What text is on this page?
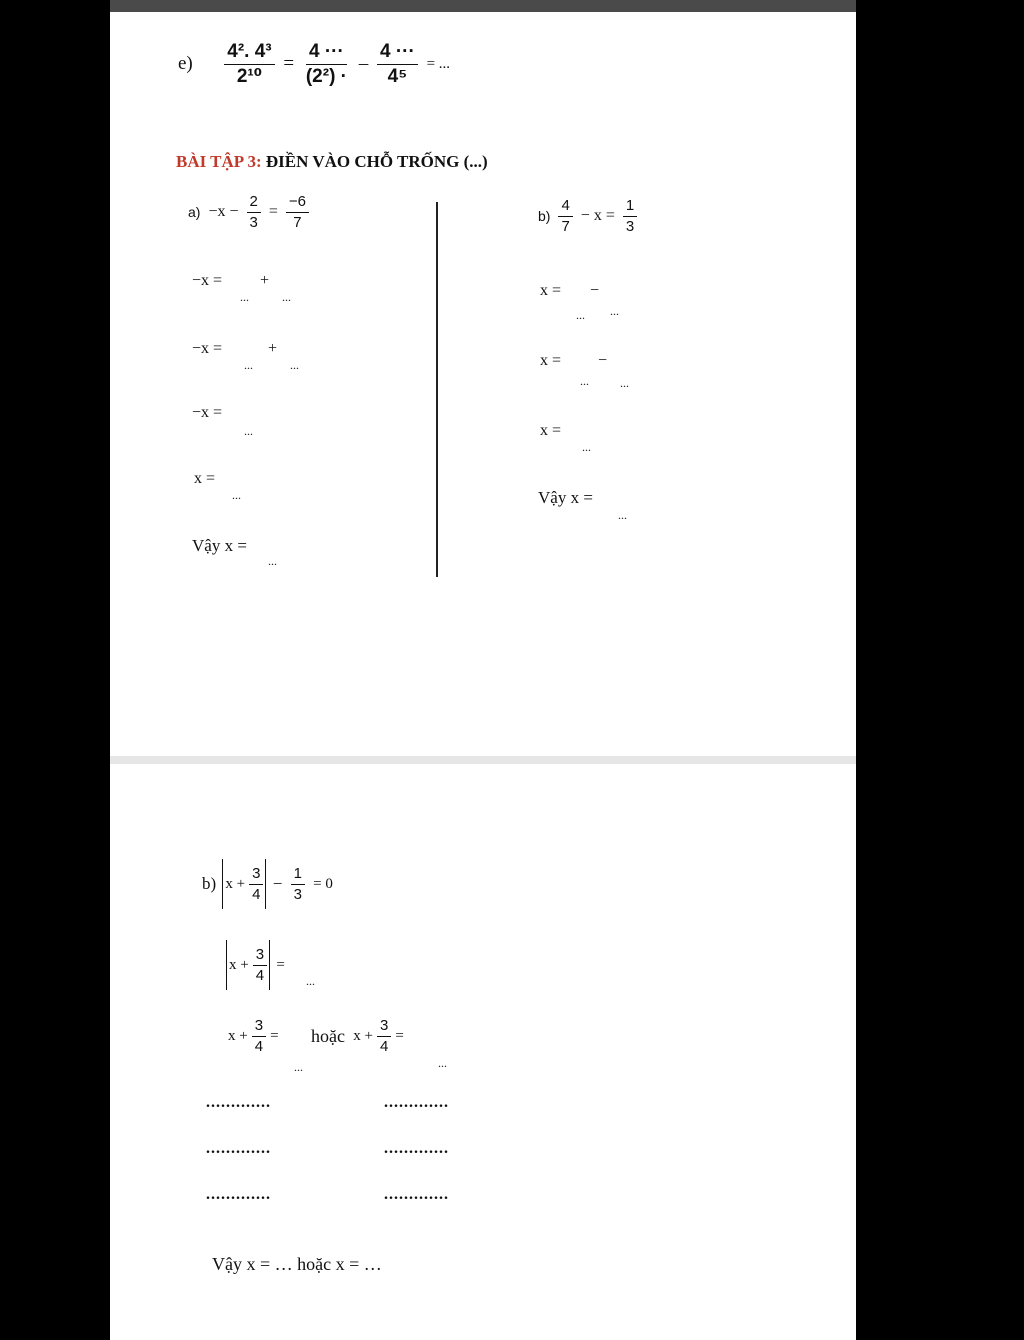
$e) \frac{\text{4². 4³}}{\text{2¹⁰}} = \frac{4 \cdot\cdot\cdot}{\text{(2²) ·}} - \frac{4 \cdot\cdot\cdot}{\text{4⁵}}$ = ...
BÀI TẬP 3: ĐIỀN VÀO CHỖ TRỐNG (...)
$a) -x - \frac{2}{3} = \frac{-6}{7}$
−x =
...
+
...
−x =
...
+
...
−x =
...
x =
...
Vậy x =
...
$b) \frac{4}{7} - x = \frac{1}{3}$
x = −
... ...
x = −
...	...
x =
...
Vậy x =
...
b) $x + \frac{3}{4} - \frac{1}{3} = 0$
$x + \frac{3}{4}$ =
...
$x + \frac{3}{4}$ = hoặc $x + \frac{3}{4}$ =
...	...
.............	.............
.............	.............
.............	.............
Vậy x = … hoặc x = …
